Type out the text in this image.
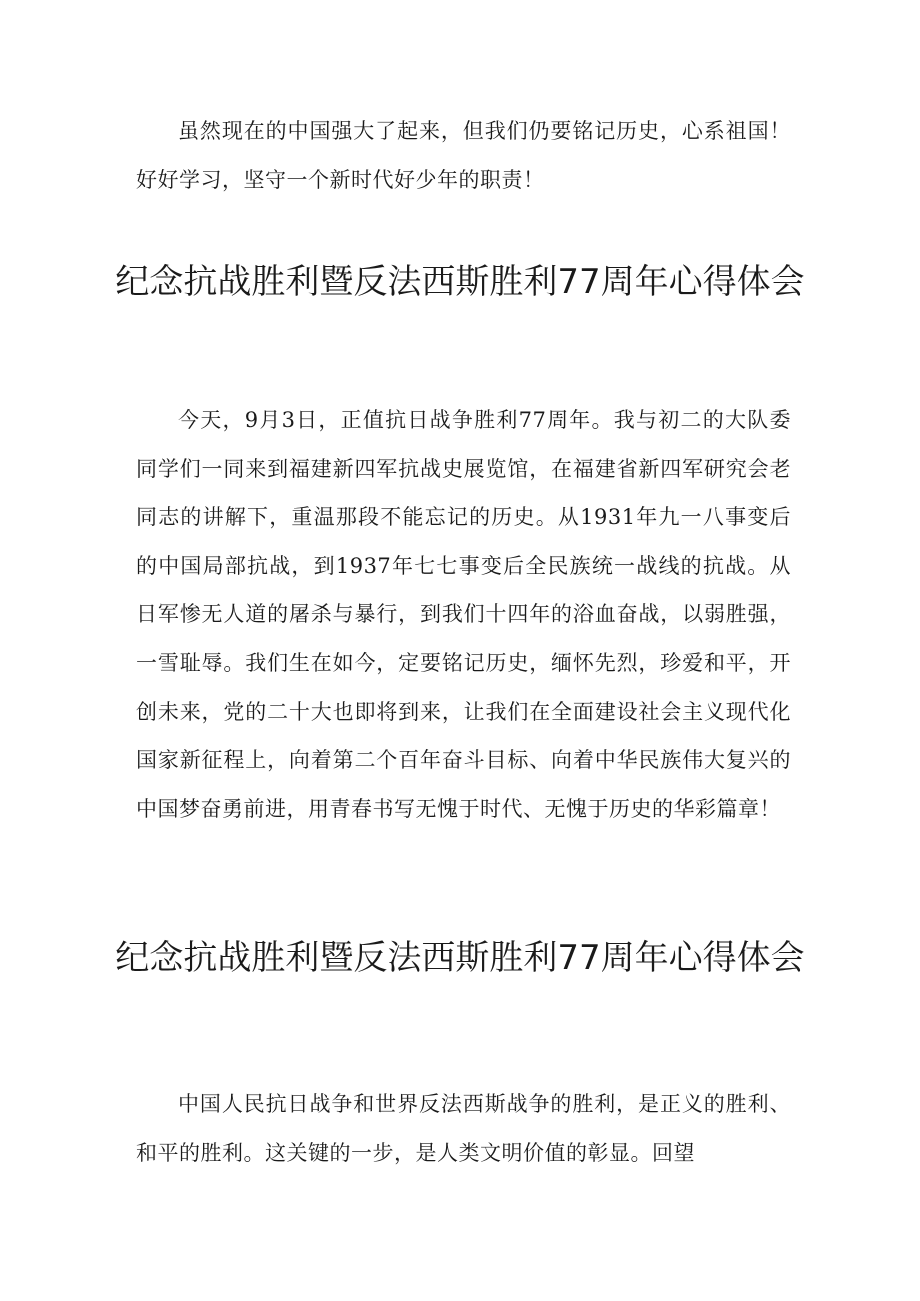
虽然现在的中国强大了起来，但我们仍要铭记历史，心系祖国！好好学习，坚守一个新时代好少年的职责！

纪念抗战胜利暨反法西斯胜利77周年心得体会

今天，9月3日，正值抗日战争胜利77周年。我与初二的大队委同学们一同来到福建新四军抗战史展览馆，在福建省新四军研究会老同志的讲解下，重温那段不能忘记的历史。从1931年九一八事变后的中国局部抗战，到1937年七七事变后全民族统一战线的抗战。从日军惨无人道的屠杀与暴行，到我们十四年的浴血奋战，以弱胜强，一雪耻辱。我们生在如今，定要铭记历史，缅怀先烈，珍爱和平，开创未来，党的二十大也即将到来，让我们在全面建设社会主义现代化国家新征程上，向着第二个百年奋斗目标、向着中华民族伟大复兴的中国梦奋勇前进，用青春书写无愧于时代、无愧于历史的华彩篇章！

纪念抗战胜利暨反法西斯胜利77周年心得体会

中国人民抗日战争和世界反法西斯战争的胜利，是正义的胜利、和平的胜利。这关键的一步，是人类文明价值的彰显。回望
